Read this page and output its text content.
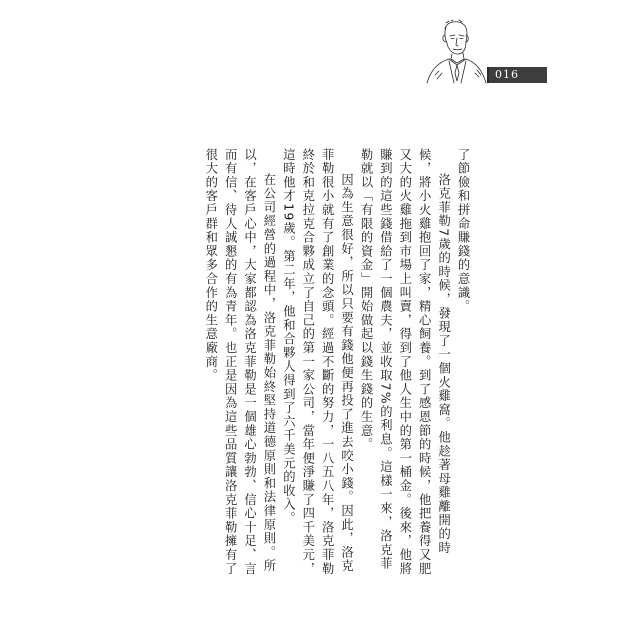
016

了節儉和拼命賺錢的意識。

洛克菲勒7歲的時候，發現了一個火雞窩。他趁著母雞離開的時候，將小火雞抱回了家，精心飼養。到了感恩節的時候，他把養得又肥又大的火雞拖到市場上叫賣，得到了他人生中的第一桶金。後來，他將賺到的這些錢借給了一個農夫，並收取7%的利息。這樣一來，洛克菲勒就以「有限的資金」開始做起以錢生錢的生意。

因為生意很好，所以只要有錢他便再投了進去咬小錢。因此，洛克菲勒很小就有了創業的念頭。經過不斷的努力，一八五八年，洛克菲勒終於和克拉克合夥成立了自己的第一家公司，當年便淨賺了四千美元，這時他才19歲。第二年，他和合夥人得到了六千美元的收入。

在公司經營的過程中，洛克菲勒始終堅持道德原則和法律原則。所以，在客戶心中，大家都認為洛克菲勒是一個雄心勃勃、信心十足、言而有信、待人誠懇的有為青年。也正是因為這些品質讓洛克菲勒擁有了很大的客戶群和眾多合作的生意廠商。
